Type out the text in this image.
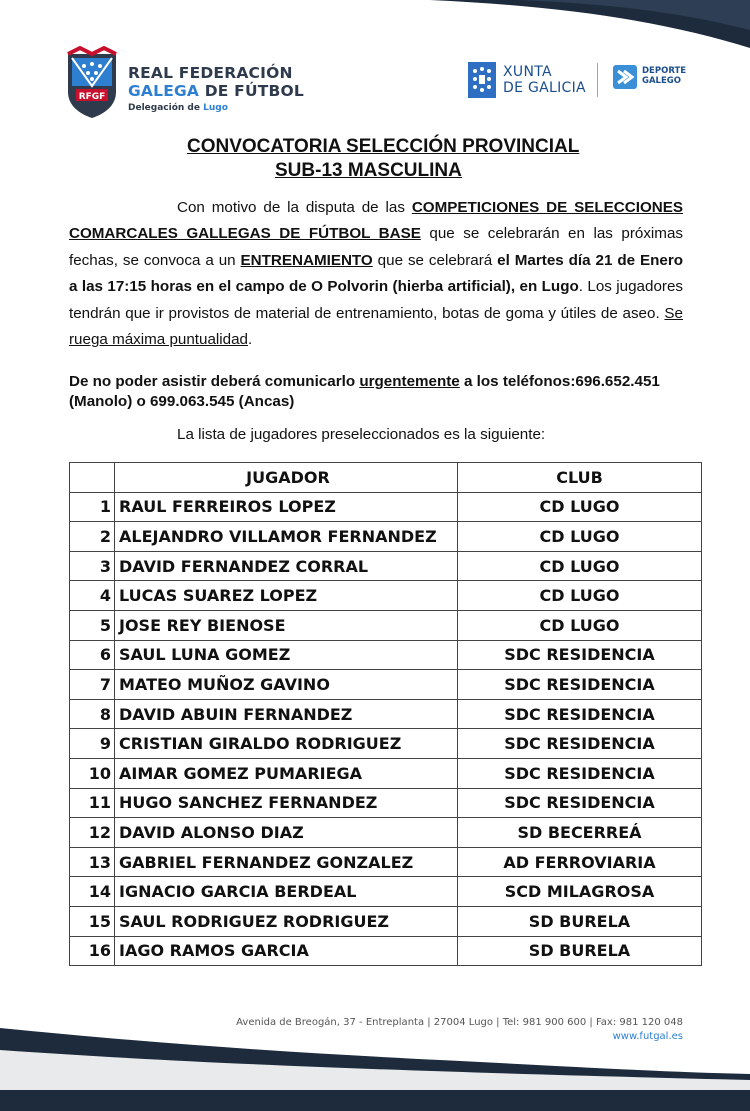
RFGF
REAL FEDERACIÓN
GALEGA DE FÚTBOL
Delegación de Lugo
XUNTA
DE GALICIA
DEPORTE
GALEGO
CONVOCATORIA SELECCIÓN PROVINCIAL
SUB-13 MASCULINA
Con motivo de la disputa de las COMPETICIONES DE SELECCIONES COMARCALES GALLEGAS DE FÚTBOL BASE que se celebrarán en las próximas fechas, se convoca a un ENTRENAMIENTO que se celebrará el Martes día 21 de Enero a las 17:15 horas en el campo de O Polvorin (hierba artificial), en Lugo. Los jugadores tendrán que ir provistos de material de entrenamiento, botas de goma y útiles de aseo. Se ruega máxima puntualidad.
De no poder asistir deberá comunicarlo urgentemente a los teléfonos:696.652.451 (Manolo) o 699.063.545 (Ancas)
La lista de jugadores preseleccionados es la siguiente:
	JUGADOR	CLUB
1	RAUL FERREIROS LOPEZ	CD LUGO
2	ALEJANDRO VILLAMOR FERNANDEZ	CD LUGO
3	DAVID FERNANDEZ CORRAL	CD LUGO
4	LUCAS SUAREZ LOPEZ	CD LUGO
5	JOSE REY BIENOSE	CD LUGO
6	SAUL LUNA GOMEZ	SDC RESIDENCIA
7	MATEO MUÑOZ GAVINO	SDC RESIDENCIA
8	DAVID ABUIN FERNANDEZ	SDC RESIDENCIA
9	CRISTIAN GIRALDO RODRIGUEZ	SDC RESIDENCIA
10	AIMAR GOMEZ PUMARIEGA	SDC RESIDENCIA
11	HUGO SANCHEZ FERNANDEZ	SDC RESIDENCIA
12	DAVID ALONSO DIAZ	SD BECERREÁ
13	GABRIEL FERNANDEZ GONZALEZ	AD FERROVIARIA
14	IGNACIO GARCIA BERDEAL	SCD MILAGROSA
15	SAUL RODRIGUEZ RODRIGUEZ	SD BURELA
16	IAGO RAMOS GARCIA	SD BURELA
Avenida de Breogán, 37 - Entreplanta | 27004 Lugo | Tel: 981 900 600 | Fax: 981 120 048
www.futgal.es
